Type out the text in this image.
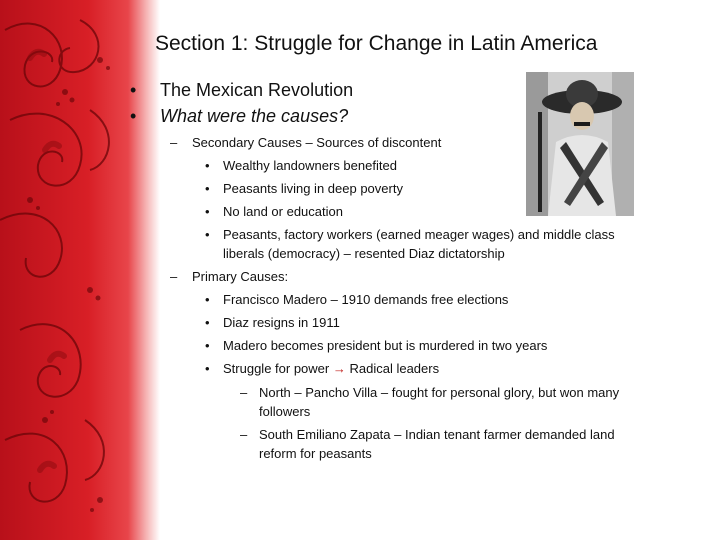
Section 1: Struggle for Change in Latin America
• The Mexican Revolution
• What were the causes?
– Secondary Causes – Sources of discontent
• Wealthy landowners benefited
• Peasants living in deep poverty
• No land or education
• Peasants, factory workers (earned meager wages) and middle class
liberals (democracy) – resented Diaz dictatorship
– Primary Causes:
• Francisco Madero – 1910 demands free elections
• Diaz resigns in 1911
• Madero becomes president but is murdered in two years
• Struggle for power → Radical leaders
– North – Pancho Villa – fought for personal glory, but won many
followers
– South Emiliano Zapata – Indian tenant farmer demanded land
reform for peasants
